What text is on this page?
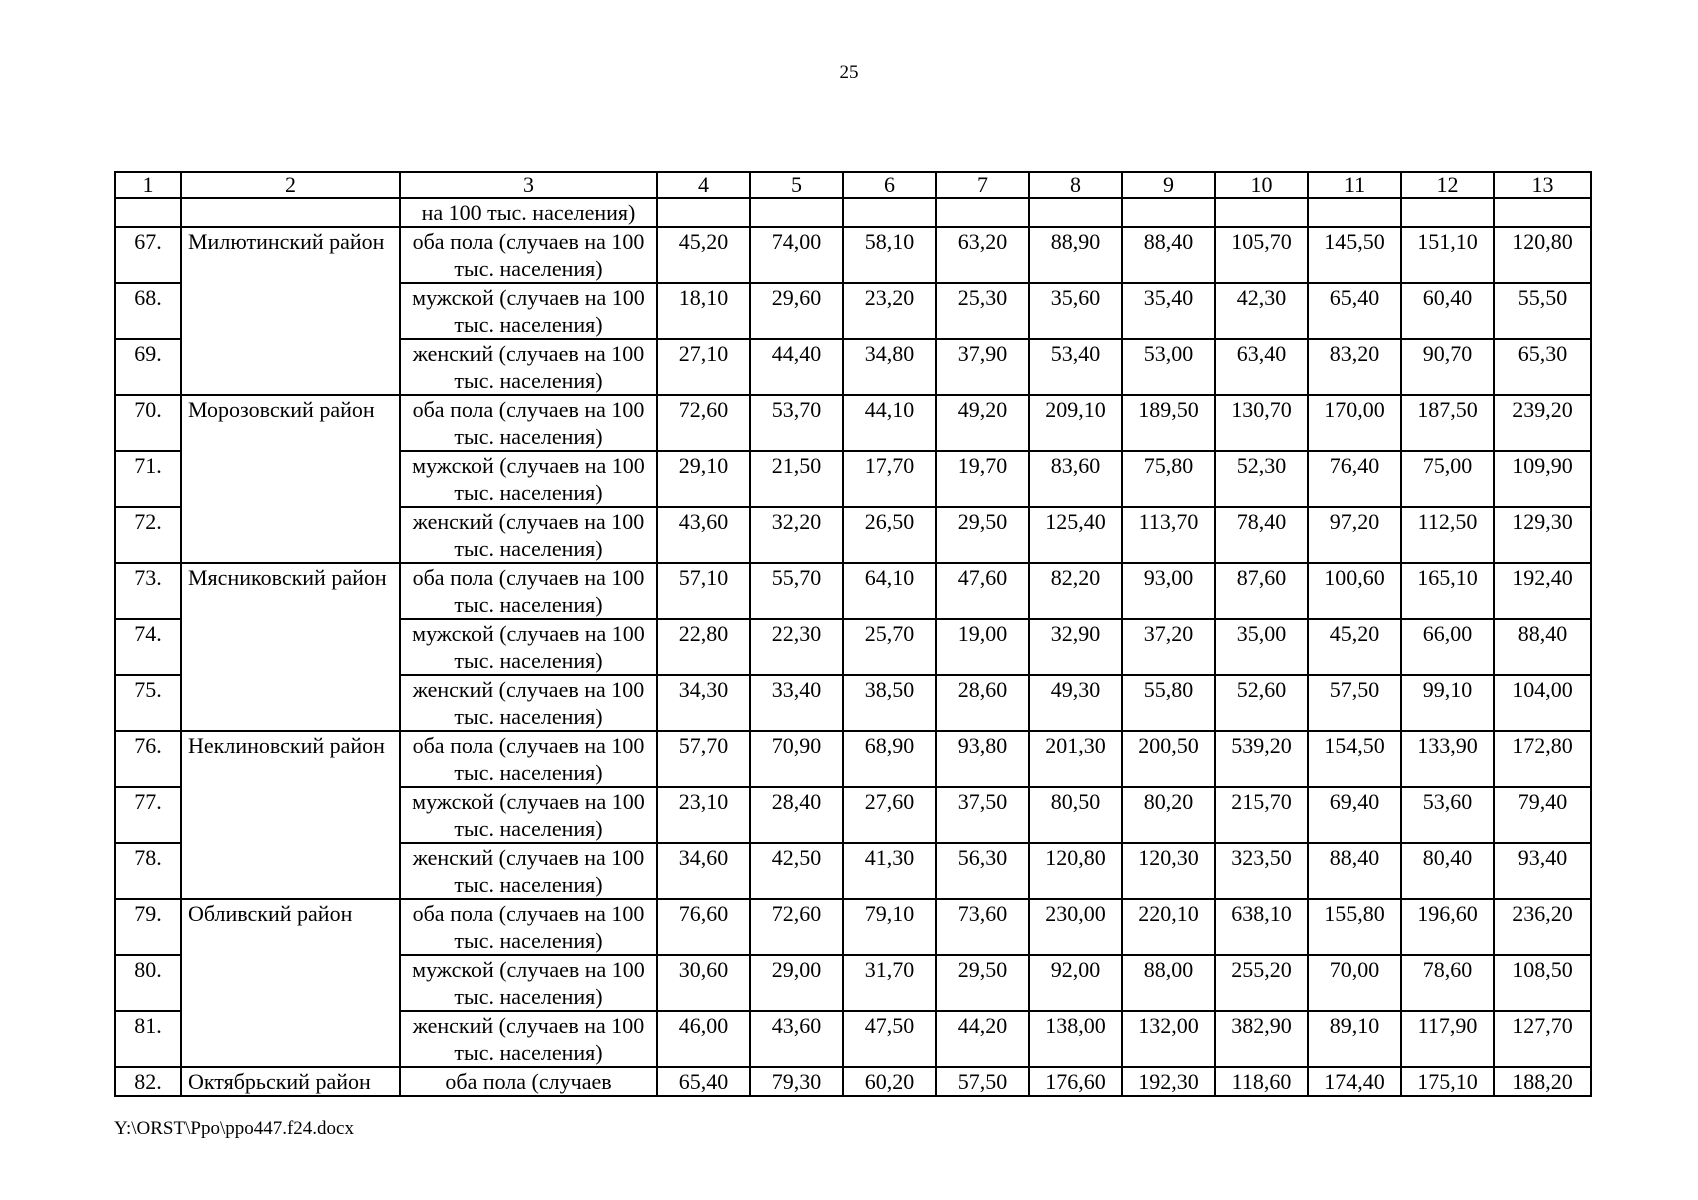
25
1	2	3	4	5	6	7	8	9	10	11	12	13
		на 100 тыс. населения)										
67.	Милютинский район	оба пола (случаев на 100 тыс. населения)	45,20	74,00	58,10	63,20	88,90	88,40	105,70	145,50	151,10	120,80
68.		мужской (случаев на 100 тыс. населения)	18,10	29,60	23,20	25,30	35,60	35,40	42,30	65,40	60,40	55,50
69.		женский (случаев на 100 тыс. населения)	27,10	44,40	34,80	37,90	53,40	53,00	63,40	83,20	90,70	65,30
70.	Морозовский район	оба пола (случаев на 100 тыс. населения)	72,60	53,70	44,10	49,20	209,10	189,50	130,70	170,00	187,50	239,20
71.		мужской (случаев на 100 тыс. населения)	29,10	21,50	17,70	19,70	83,60	75,80	52,30	76,40	75,00	109,90
72.		женский (случаев на 100 тыс. населения)	43,60	32,20	26,50	29,50	125,40	113,70	78,40	97,20	112,50	129,30
73.	Мясниковский район	оба пола (случаев на 100 тыс. населения)	57,10	55,70	64,10	47,60	82,20	93,00	87,60	100,60	165,10	192,40
74.		мужской (случаев на 100 тыс. населения)	22,80	22,30	25,70	19,00	32,90	37,20	35,00	45,20	66,00	88,40
75.		женский (случаев на 100 тыс. населения)	34,30	33,40	38,50	28,60	49,30	55,80	52,60	57,50	99,10	104,00
76.	Неклиновский район	оба пола (случаев на 100 тыс. населения)	57,70	70,90	68,90	93,80	201,30	200,50	539,20	154,50	133,90	172,80
77.		мужской (случаев на 100 тыс. населения)	23,10	28,40	27,60	37,50	80,50	80,20	215,70	69,40	53,60	79,40
78.		женский (случаев на 100 тыс. населения)	34,60	42,50	41,30	56,30	120,80	120,30	323,50	88,40	80,40	93,40
79.	Обливский район	оба пола (случаев на 100 тыс. населения)	76,60	72,60	79,10	73,60	230,00	220,10	638,10	155,80	196,60	236,20
80.		мужской (случаев на 100 тыс. населения)	30,60	29,00	31,70	29,50	92,00	88,00	255,20	70,00	78,60	108,50
81.		женский (случаев на 100 тыс. населения)	46,00	43,60	47,50	44,20	138,00	132,00	382,90	89,10	117,90	127,70
82.	Октябрьский район	оба пола (случаев	65,40	79,30	60,20	57,50	176,60	192,30	118,60	174,40	175,10	188,20
Y:\ORST\Ppo\ppo447.f24.docx
